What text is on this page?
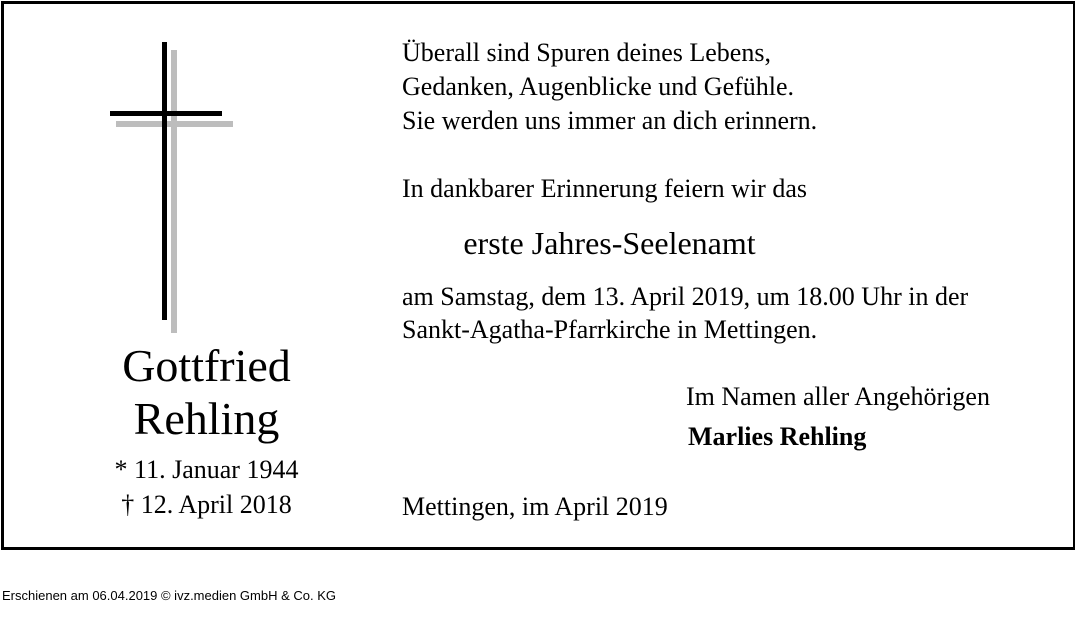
Gottfried
Rehling
* 11. Januar 1944
† 12. April 2018
Überall sind Spuren deines Lebens,
Gedanken, Augenblicke und Gefühle.
Sie werden uns immer an dich erinnern.
In dankbarer Erinnerung feiern wir das
erste Jahres-Seelenamt
am Samstag, dem 13. April 2019, um 18.00 Uhr in der
Sankt-Agatha-Pfarrkirche in Mettingen.
Im Namen aller Angehörigen
Marlies Rehling
Mettingen, im April 2019
Erschienen am 06.04.2019 © ivz.medien GmbH & Co. KG
